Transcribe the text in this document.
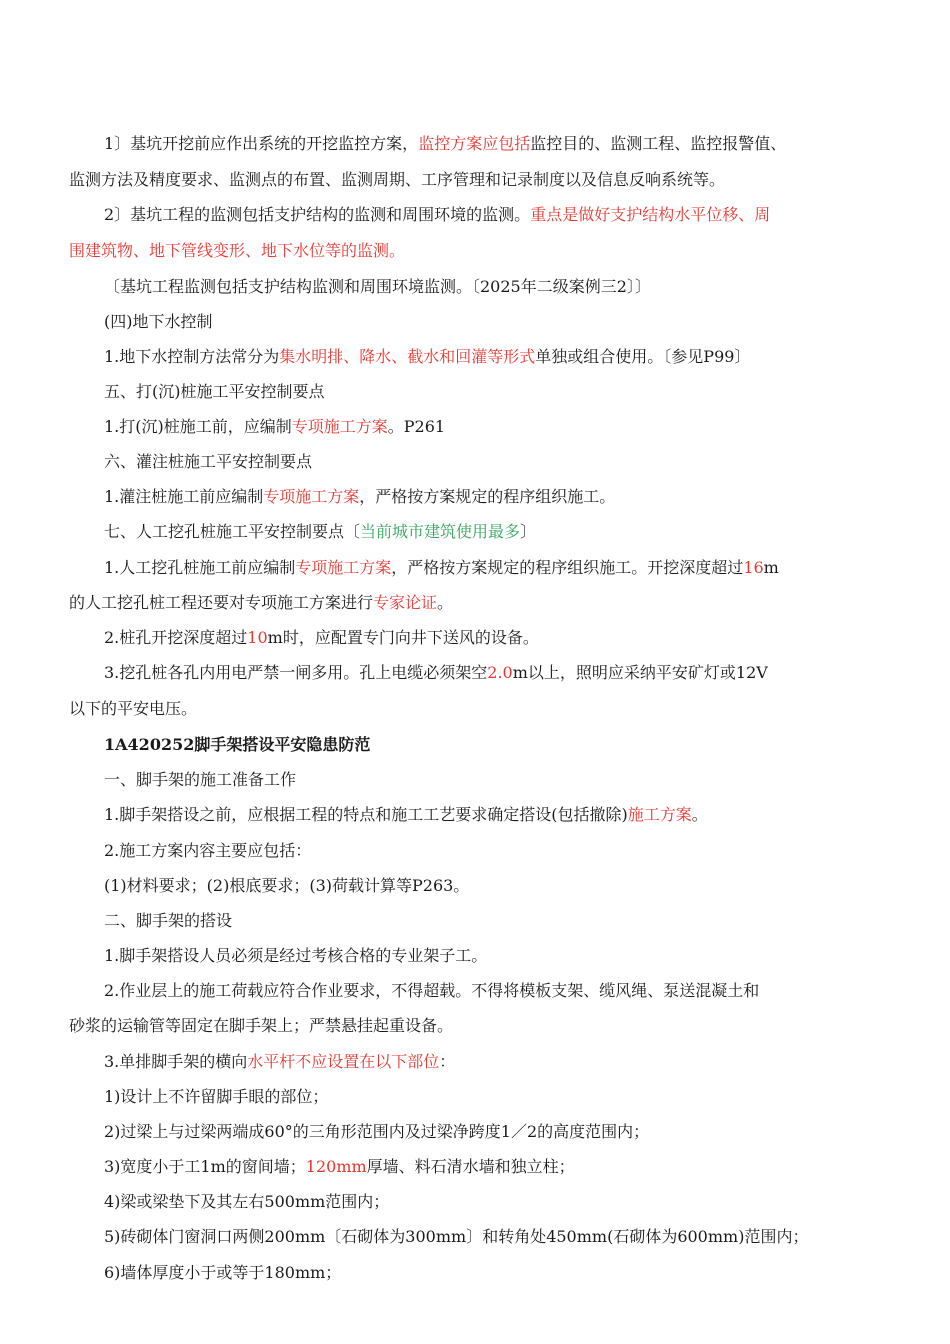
1〕基坑开挖前应作出系统的开挖监控方案，监控方案应包括监控目的、监测工程、监控报警值、
监测方法及精度要求、监测点的布置、监测周期、工序管理和记录制度以及信息反响系统等。
2〕基坑工程的监测包括支护结构的监测和周围环境的监测。重点是做好支护结构水平位移、周
围建筑物、地下管线变形、地下水位等的监测。
〔基坑工程监测包括支护结构监测和周围环境监测。〔2025年二级案例三2〕〕
(四)地下水控制
1.地下水控制方法常分为集水明排、降水、截水和回灌等形式单独或组合使用。〔参见P99〕
五、打(沉)桩施工平安控制要点
1.打(沉)桩施工前，应编制专项施工方案。P261
六、灌注桩施工平安控制要点
1.灌注桩施工前应编制专项施工方案，严格按方案规定的程序组织施工。
七、人工挖孔桩施工平安控制要点〔当前城市建筑使用最多〕
1.人工挖孔桩施工前应编制专项施工方案，严格按方案规定的程序组织施工。开挖深度超过16m
的人工挖孔桩工程还要对专项施工方案进行专家论证。
2.桩孔开挖深度超过10m时，应配置专门向井下送风的设备。
3.挖孔桩各孔内用电严禁一闸多用。孔上电缆必须架空2.0m以上，照明应采纳平安矿灯或12V
以下的平安电压。
1A420252脚手架搭设平安隐患防范
一、脚手架的施工准备工作
1.脚手架搭设之前，应根据工程的特点和施工工艺要求确定搭设(包括撤除)施工方案。
2.施工方案内容主要应包括：
(1)材料要求；(2)根底要求；(3)荷载计算等P263。
二、脚手架的搭设
1.脚手架搭设人员必须是经过考核合格的专业架子工。
2.作业层上的施工荷载应符合作业要求，不得超载。不得将模板支架、缆风绳、泵送混凝土和
砂浆的运输管等固定在脚手架上；严禁悬挂起重设备。
3.单排脚手架的横向水平杆不应设置在以下部位：
1)设计上不许留脚手眼的部位；
2)过梁上与过梁两端成60°的三角形范围内及过梁净跨度1／2的高度范围内；
3)宽度小于工1m的窗间墙；120mm厚墙、料石清水墙和独立柱；
4)梁或梁垫下及其左右500mm范围内；
5)砖砌体门窗洞口两侧200mm〔石砌体为300mm〕和转角处450mm(石砌体为600mm)范围内；
6)墙体厚度小于或等于180mm；
